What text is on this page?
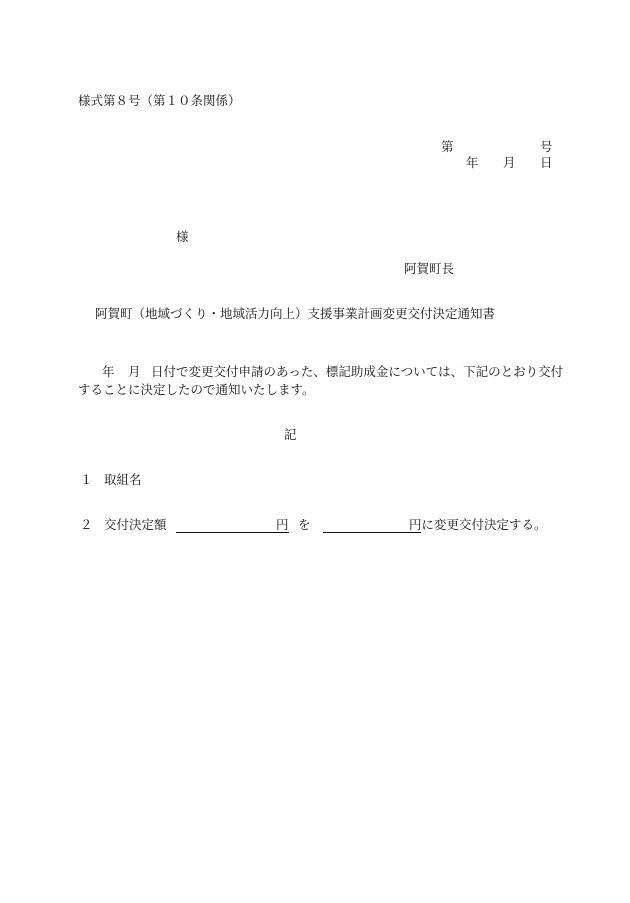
様式第８号（第１０条関係）
第	号
年 月 日
様
阿賀町長
阿賀町（地域づくり・地域活力向上）支援事業計画変更交付決定通知書
年 月 日付で変更交付申請のあった、標記助成金については、下記のとおり交付
することに決定したので通知いたします。
記
１ 取組名
２ 交付決定額	円 を	円に変更交付決定する。
